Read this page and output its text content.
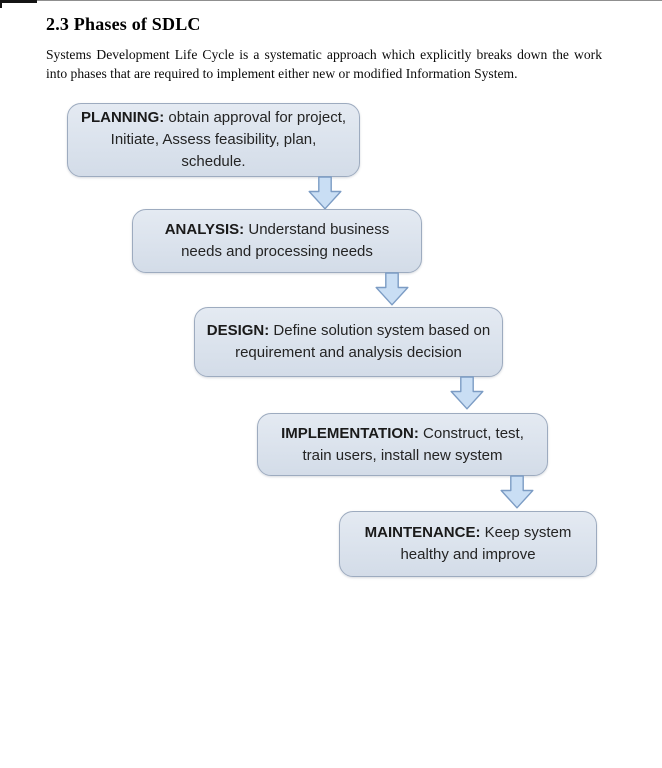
2.3 Phases of SDLC

Systems Development Life Cycle is a systematic approach which explicitly breaks down the work into phases that are required to implement either new or modified Information System.

PLANNING: obtain approval for project, Initiate, Assess feasibility, plan, schedule.
ANALYSIS: Understand business needs and processing needs
DESIGN: Define solution system based on requirement and analysis decision
IMPLEMENTATION: Construct, test, train users, install new system
MAINTENANCE: Keep system healthy and improve
